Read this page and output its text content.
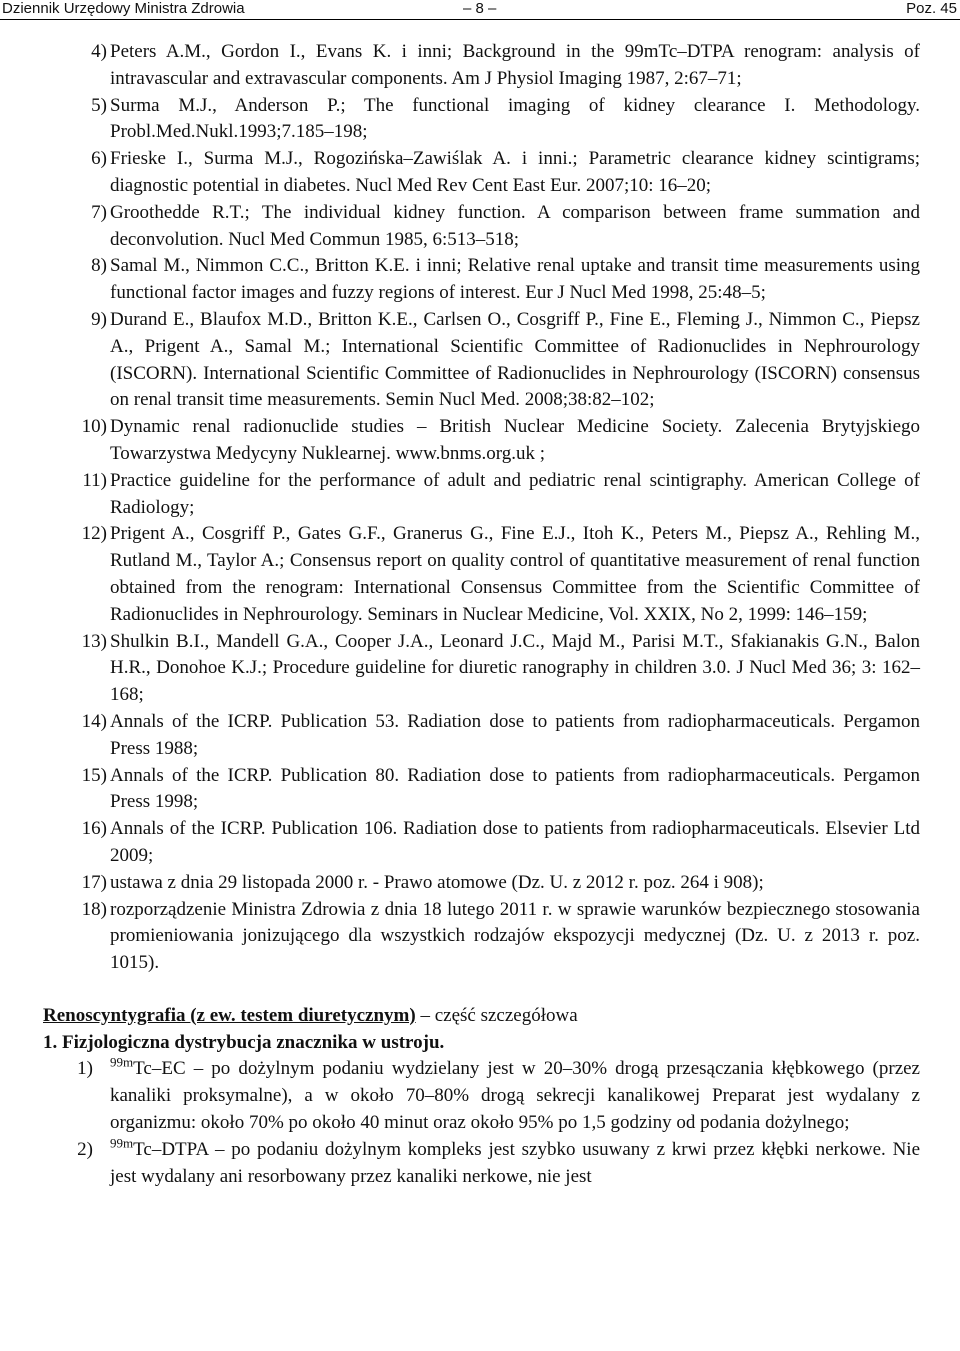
Dziennik Urzędowy Ministra Zdrowia	– 8 –	Poz. 45
4) Peters A.M., Gordon I., Evans K. i inni; Background in the 99mTc–DTPA renogram: analysis of intravascular and extravascular components. Am J Physiol Imaging 1987, 2:67–71;
5) Surma M.J., Anderson P.; The functional imaging of kidney clearance I. Methodology. Probl.Med.Nukl.1993;7.185–198;
6) Frieske I., Surma M.J., Rogozińska–Zawiślak A. i inni.; Parametric clearance kidney scintigrams; diagnostic potential in diabetes. Nucl Med Rev Cent East Eur. 2007;10: 16–20;
7) Groothedde R.T.; The individual kidney function. A comparison between frame summation and deconvolution. Nucl Med Commun 1985, 6:513–518;
8) Samal M., Nimmon C.C., Britton K.E. i inni; Relative renal uptake and transit time measurements using functional factor images and fuzzy regions of interest. Eur J Nucl Med 1998, 25:48–5;
9) Durand E., Blaufox M.D., Britton K.E., Carlsen O., Cosgriff P., Fine E., Fleming J., Nimmon C., Piepsz A., Prigent A., Samal M.; International Scientific Committee of Radionuclides in Nephrourology (ISCORN). International Scientific Committee of Radionuclides in Nephrourology (ISCORN) consensus on renal transit time measurements. Semin Nucl Med. 2008;38:82–102;
10) Dynamic renal radionuclide studies – British Nuclear Medicine Society. Zalecenia Brytyjskiego Towarzystwa Medycyny Nuklearnej. www.bnms.org.uk ;
11) Practice guideline for the performance of adult and pediatric renal scintigraphy. American College of Radiology;
12) Prigent A., Cosgriff P., Gates G.F., Granerus G., Fine E.J., Itoh K., Peters M., Piepsz A., Rehling M., Rutland M., Taylor A.; Consensus report on quality control of quantitative measurement of renal function obtained from the renogram: International Consensus Committee from the Scientific Committee of Radionuclides in Nephrourology. Seminars in Nuclear Medicine, Vol. XXIX, No 2, 1999: 146–159;
13) Shulkin B.I., Mandell G.A., Cooper J.A., Leonard J.C., Majd M., Parisi M.T., Sfakianakis G.N., Balon H.R., Donohoe K.J.; Procedure guideline for diuretic ranography in children 3.0. J Nucl Med 36; 3: 162–168;
14) Annals of the ICRP. Publication 53. Radiation dose to patients from radiopharmaceuticals. Pergamon Press 1988;
15) Annals of the ICRP. Publication 80. Radiation dose to patients from radiopharmaceuticals. Pergamon Press 1998;
16) Annals of the ICRP. Publication 106. Radiation dose to patients from radiopharmaceuticals. Elsevier Ltd 2009;
17) ustawa z dnia 29 listopada 2000 r. - Prawo atomowe (Dz. U. z 2012 r. poz. 264 i 908);
18) rozporządzenie Ministra Zdrowia z dnia 18 lutego 2011 r. w sprawie warunków bezpiecznego stosowania promieniowania jonizującego dla wszystkich rodzajów ekspozycji medycznej (Dz. U. z 2013 r. poz. 1015).
Renoscyntygrafia (z ew. testem diuretycznym) – część szczegółowa
1. Fizjologiczna dystrybucja znacznika w ustroju.
1) $^{99m}$Tc–EC – po dożylnym podaniu wydzielany jest w 20–30% drogą przesączania kłębkowego (przez kanaliki proksymalne), a w około 70–80% drogą sekrecji kanalikowej Preparat jest wydalany z organizmu: około 70% po około 40 minut oraz około 95% po 1,5 godziny od podania dożylnego;
2) $^{99m}$Tc–DTPA – po podaniu dożylnym kompleks jest szybko usuwany z krwi przez kłębki nerkowe. Nie jest wydalany ani resorbowany przez kanaliki nerkowe, nie jest
